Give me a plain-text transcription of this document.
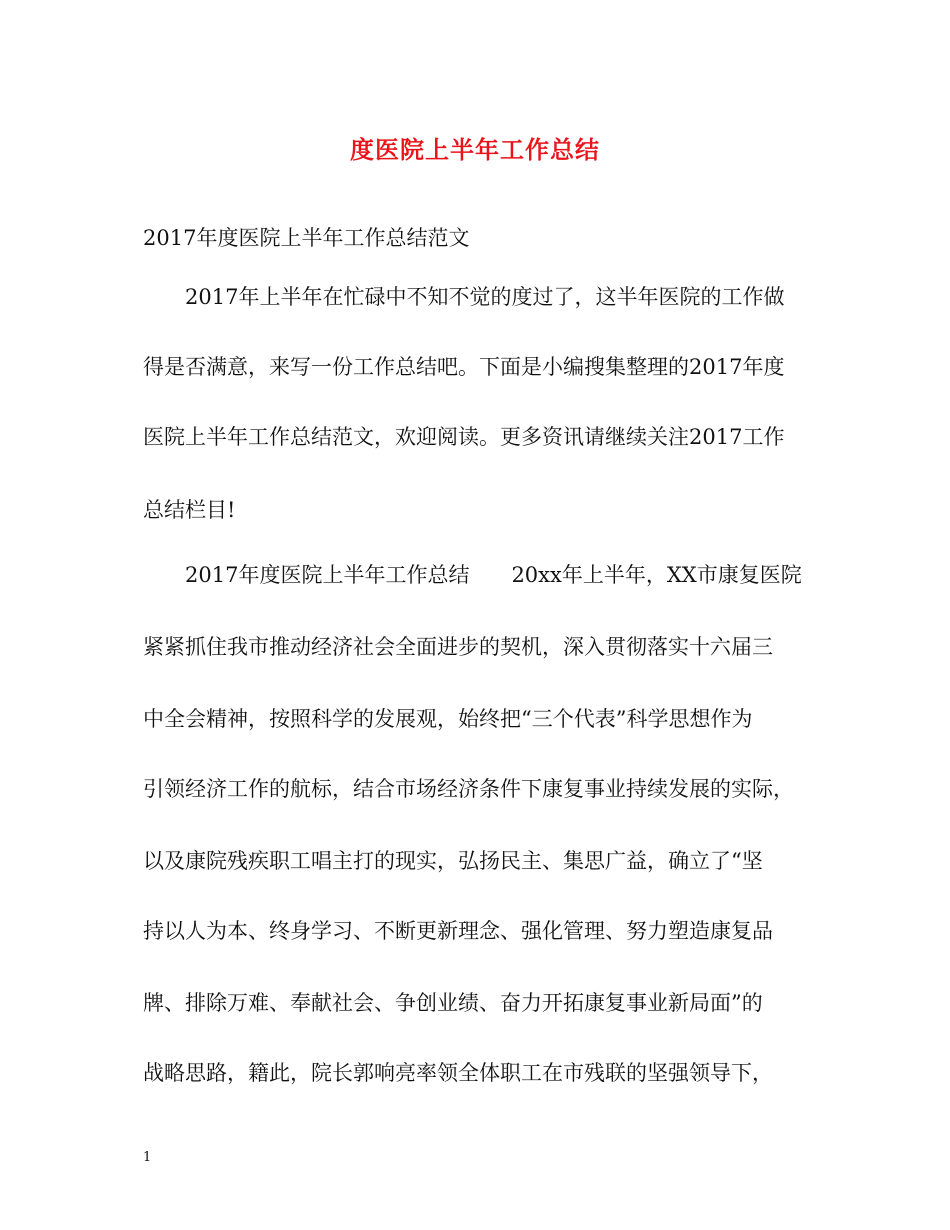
度医院上半年工作总结
2017年度医院上半年工作总结范文
2017年上半年在忙碌中不知不觉的度过了，这半年医院的工作做
得是否满意，来写一份工作总结吧。下面是小编搜集整理的2017年度
医院上半年工作总结范文，欢迎阅读。更多资讯请继续关注2017工作
总结栏目!
2017年度医院上半年工作总结　　20xx年上半年，XX市康复医院
紧紧抓住我市推动经济社会全面进步的契机，深入贯彻落实十六届三
中全会精神，按照科学的发展观，始终把“三个代表”科学思想作为
引领经济工作的航标，结合市场经济条件下康复事业持续发展的实际，
以及康院残疾职工唱主打的现实，弘扬民主、集思广益，确立了“坚
持以人为本、终身学习、不断更新理念、强化管理、努力塑造康复品
牌、排除万难、奉献社会、争创业绩、奋力开拓康复事业新局面”的
战略思路，籍此，院长郭响亮率领全体职工在市残联的坚强领导下，
1
